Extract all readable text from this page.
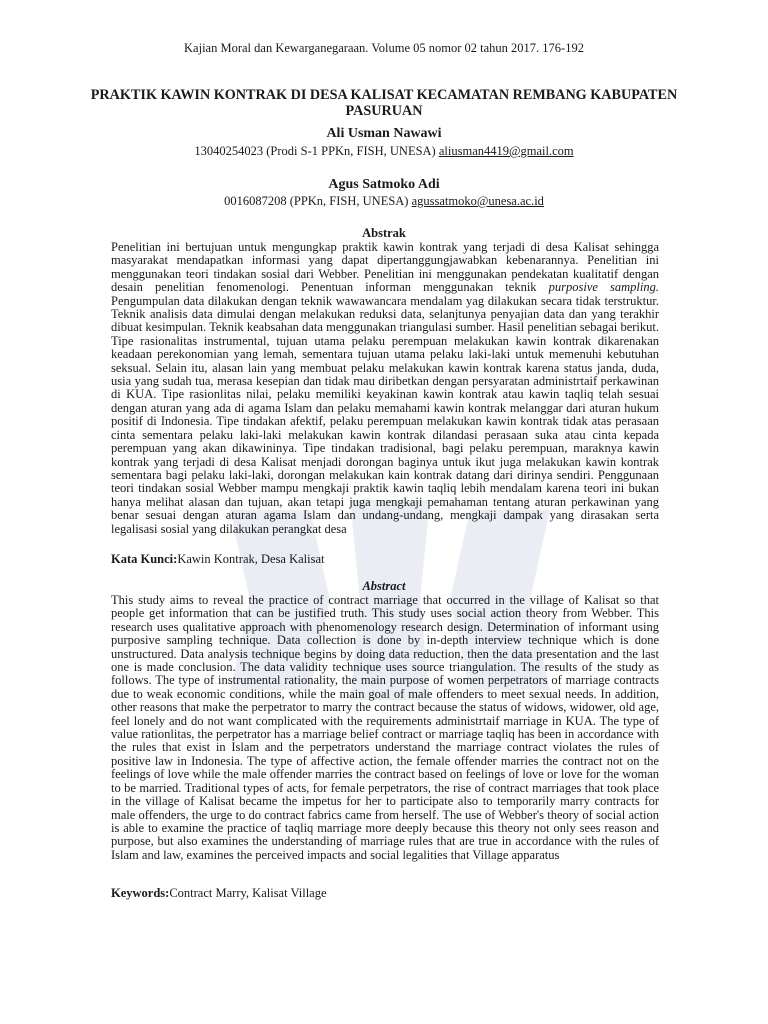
Kajian Moral dan Kewarganegaraan. Volume 05 nomor 02 tahun 2017. 176-192
PRAKTIK KAWIN KONTRAK DI DESA KALISAT KECAMATAN REMBANG KABUPATEN PASURUAN
Ali Usman Nawawi
13040254023 (Prodi S-1 PPKn, FISH, UNESA) aliusman4419@gmail.com
Agus Satmoko Adi
0016087208 (PPKn, FISH, UNESA) agussatmoko@unesa.ac.id
Abstrak

Penelitian ini bertujuan untuk mengungkap praktik kawin kontrak yang terjadi di desa Kalisat sehingga masyarakat mendapatkan informasi yang dapat dipertanggungjawabkan kebenarannya. Penelitian ini menggunakan teori tindakan sosial dari Webber. Penelitian ini menggunakan pendekatan kualitatif dengan desain penelitian fenomenologi. Penentuan informan menggunakan teknik purposive sampling. Pengumpulan data dilakukan dengan teknik wawawancara mendalam yag dilakukan secara tidak terstruktur. Teknik analisis data dimulai dengan melakukan reduksi data, selanjtunya penyajian data dan yang terakhir dibuat kesimpulan. Teknik keabsahan data menggunakan triangulasi sumber. Hasil penelitian sebagai berikut. Tipe rasionalitas instrumental, tujuan utama pelaku perempuan melakukan kawin kontrak dikarenakan keadaan perekonomian yang lemah, sementara tujuan utama pelaku laki-laki untuk memenuhi kebutuhan seksual. Selain itu, alasan lain yang membuat pelaku melakukan kawin kontrak karena status janda, duda, usia yang sudah tua, merasa kesepian dan tidak mau diribetkan dengan persyaratan administrtaif perkawinan di KUA. Tipe rasionlitas nilai, pelaku memiliki keyakinan kawin kontrak atau kawin taqliq telah sesuai dengan aturan yang ada di agama Islam dan pelaku memahami kawin kontrak melanggar dari aturan hukum positif di Indonesia. Tipe tindakan afektif, pelaku perempuan melakukan kawin kontrak tidak atas perasaan cinta sementara pelaku laki-laki melakukan kawin kontrak dilandasi perasaan suka atau cinta kepada perempuan yang akan dikawininya. Tipe tindakan tradisional, bagi pelaku perempuan, maraknya kawin kontrak yang terjadi di desa Kalisat menjadi dorongan baginya untuk ikut juga melakukan kawin kontrak sementara bagi pelaku laki-laki, dorongan melakukan kain kontrak datang dari dirinya sendiri. Penggunaan teori tindakan sosial Webber mampu mengkaji praktik kawin taqliq lebih mendalam karena teori ini bukan hanya melihat alasan dan tujuan, akan tetapi juga mengkaji pemahaman tentang aturan perkawinan yang benar sesuai dengan aturan agama Islam dan undang-undang, mengkaji dampak yang dirasakan serta legalisasi sosial yang dilakukan perangkat desa

Kata Kunci:Kawin Kontrak, Desa Kalisat
Abstract

This study aims to reveal the practice of contract marriage that occurred in the village of Kalisat so that people get information that can be justified truth. This study uses social action theory from Webber. This research uses qualitative approach with phenomenology research design. Determination of informant using purposive sampling technique. Data collection is done by in-depth interview technique which is done unstructured. Data analysis technique begins by doing data reduction, then the data presentation and the last one is made conclusion. The data validity technique uses source triangulation. The results of the study as follows. The type of instrumental rationality, the main purpose of women perpetrators of marriage contracts due to weak economic conditions, while the main goal of male offenders to meet sexual needs. In addition, other reasons that make the perpetrator to marry the contract because the status of widows, widower, old age, feel lonely and do not want complicated with the requirements administrtaif marriage in KUA. The type of value rationlitas, the perpetrator has a marriage belief contract or marriage taqliq has been in accordance with the rules that exist in Islam and the perpetrators understand the marriage contract violates the rules of positive law in Indonesia. The type of affective action, the female offender marries the contract not on the feelings of love while the male offender marries the contract based on feelings of love or love for the woman to be married. Traditional types of acts, for female perpetrators, the rise of contract marriages that took place in the village of Kalisat became the impetus for her to participate also to temporarily marry contracts for male offenders, the urge to do contract fabrics came from herself. The use of Webber's theory of social action is able to examine the practice of taqliq marriage more deeply because this theory not only sees reason and purpose, but also examines the understanding of marriage rules that are true in accordance with the rules of Islam and law, examines the perceived impacts and social legalities that Village apparatus

Keywords:Contract Marry, Kalisat Village
